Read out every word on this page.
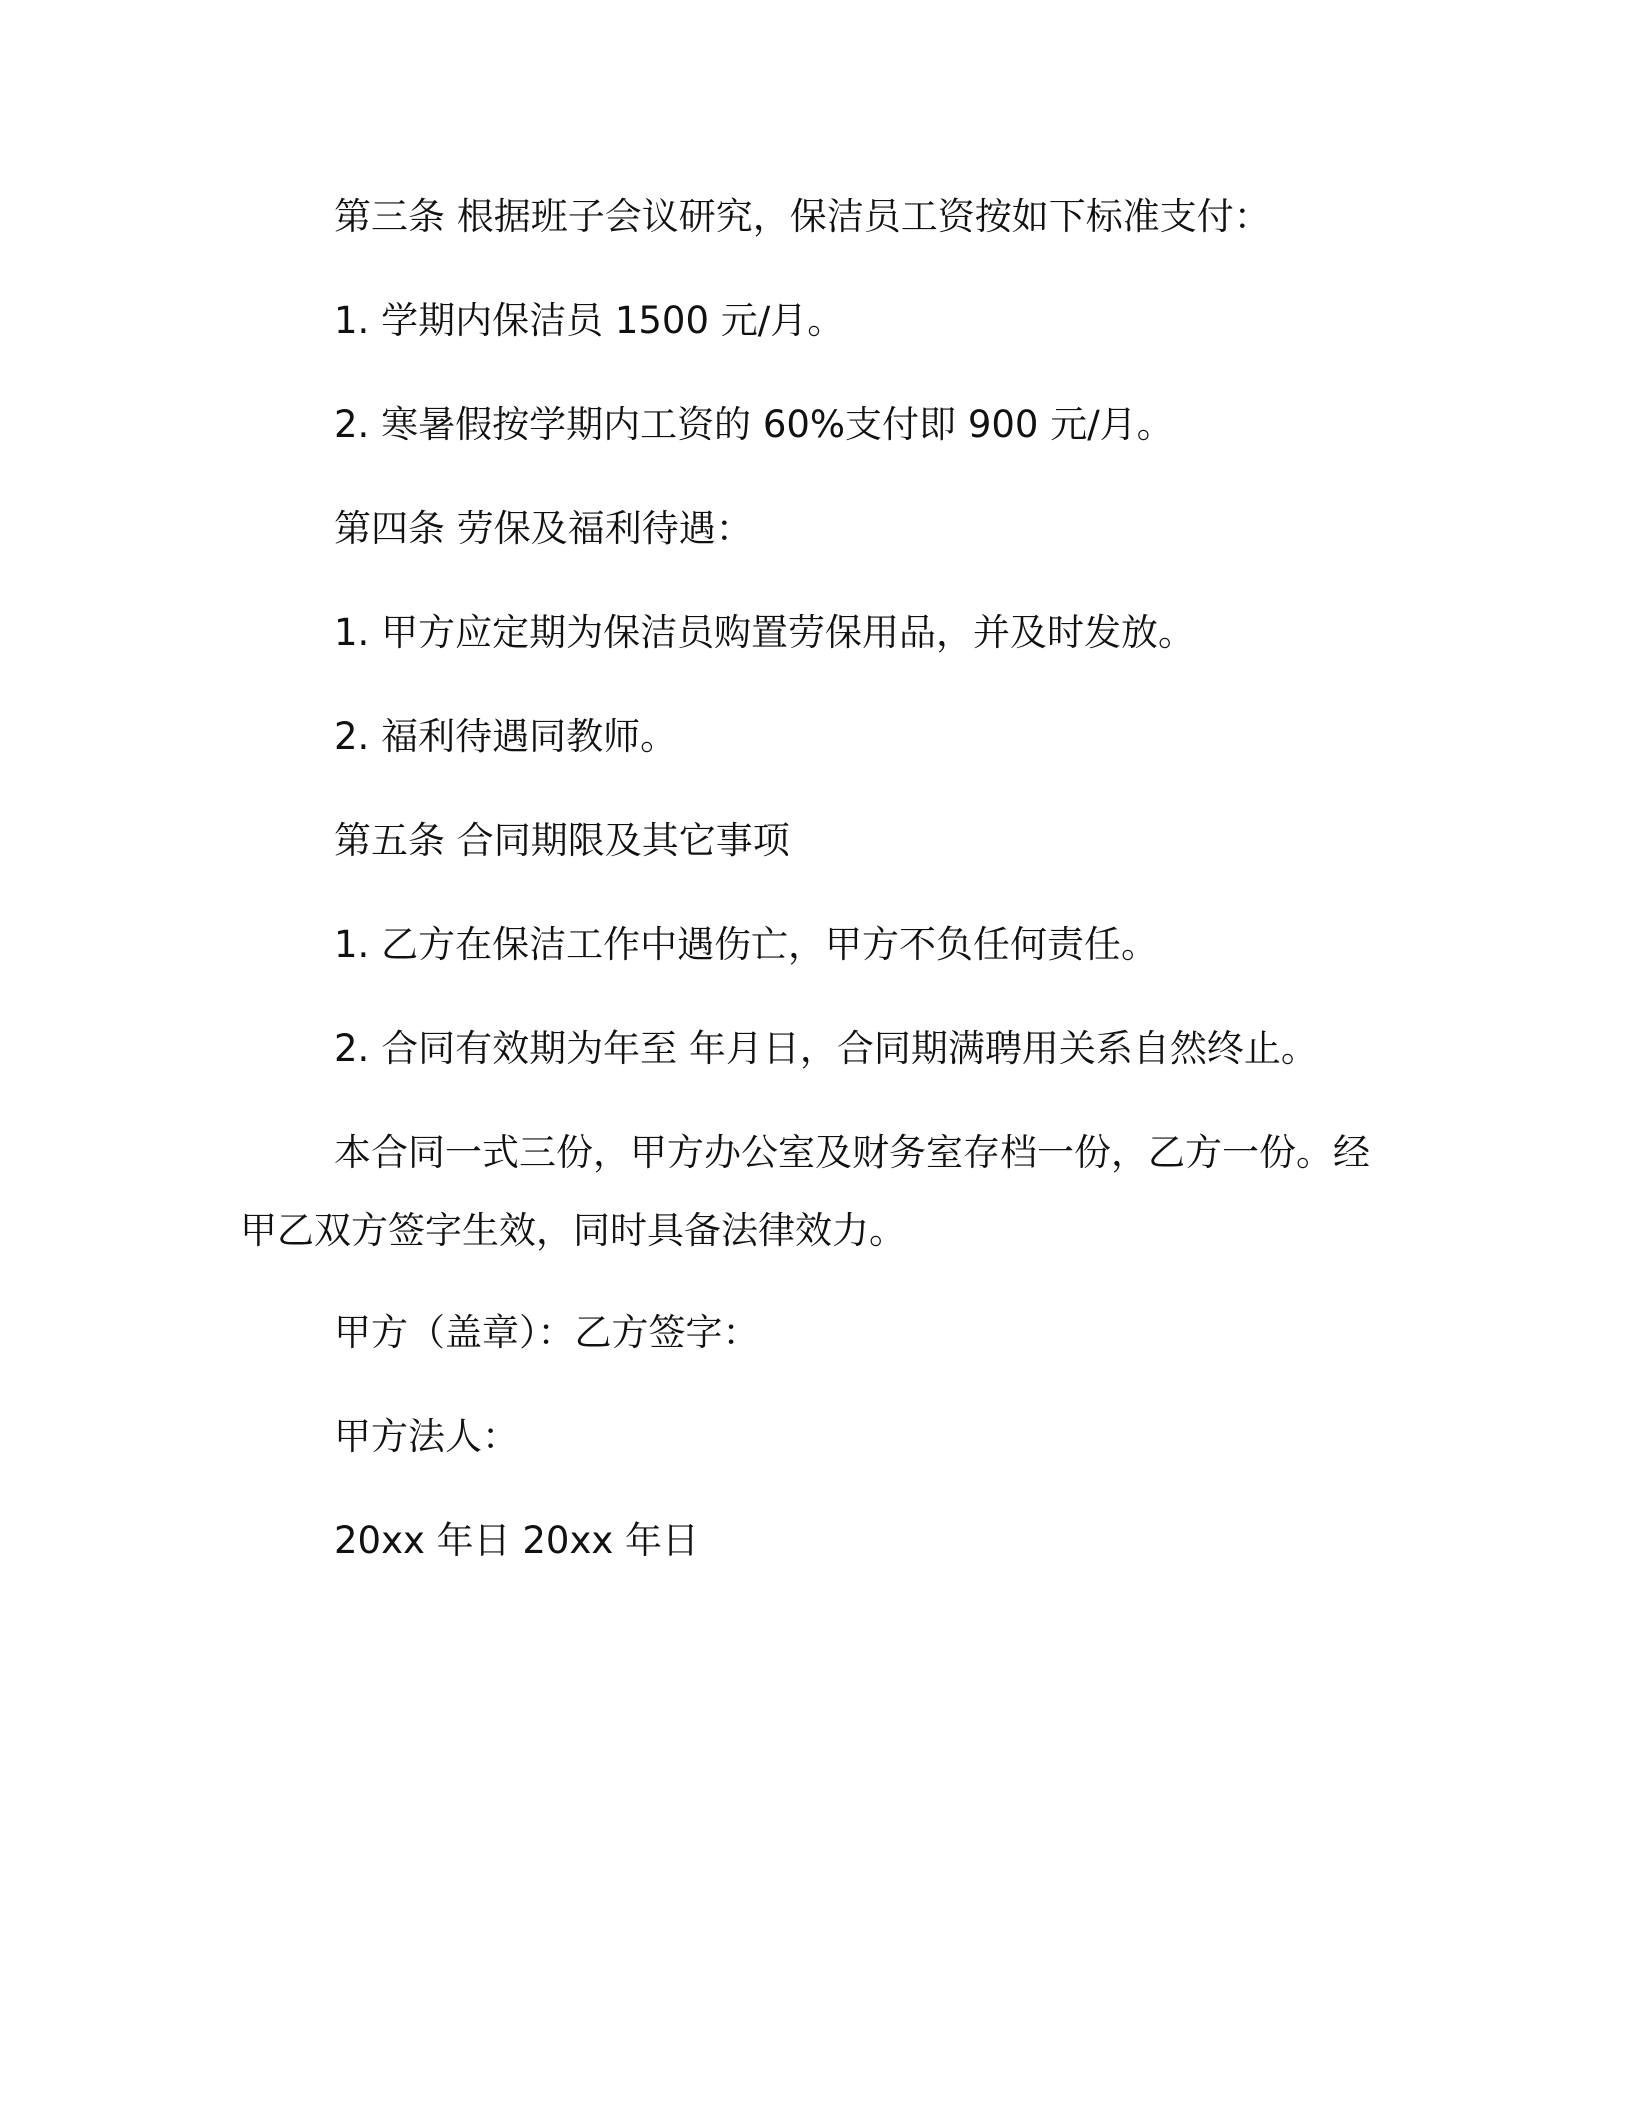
第三条 根据班子会议研究，保洁员工资按如下标准支付：

1. 学期内保洁员 1500 元/月。

2. 寒暑假按学期内工资的 60%支付即 900 元/月。

第四条 劳保及福利待遇：

1. 甲方应定期为保洁员购置劳保用品，并及时发放。

2. 福利待遇同教师。

第五条 合同期限及其它事项

1. 乙方在保洁工作中遇伤亡，甲方不负任何责任。

2. 合同有效期为年至 年月日，合同期满聘用关系自然终止。

本合同一式三份，甲方办公室及财务室存档一份，乙方一份。经甲乙双方签字生效，同时具备法律效力。

甲方（盖章）：乙方签字：

甲方法人：

20xx 年日 20xx 年日
